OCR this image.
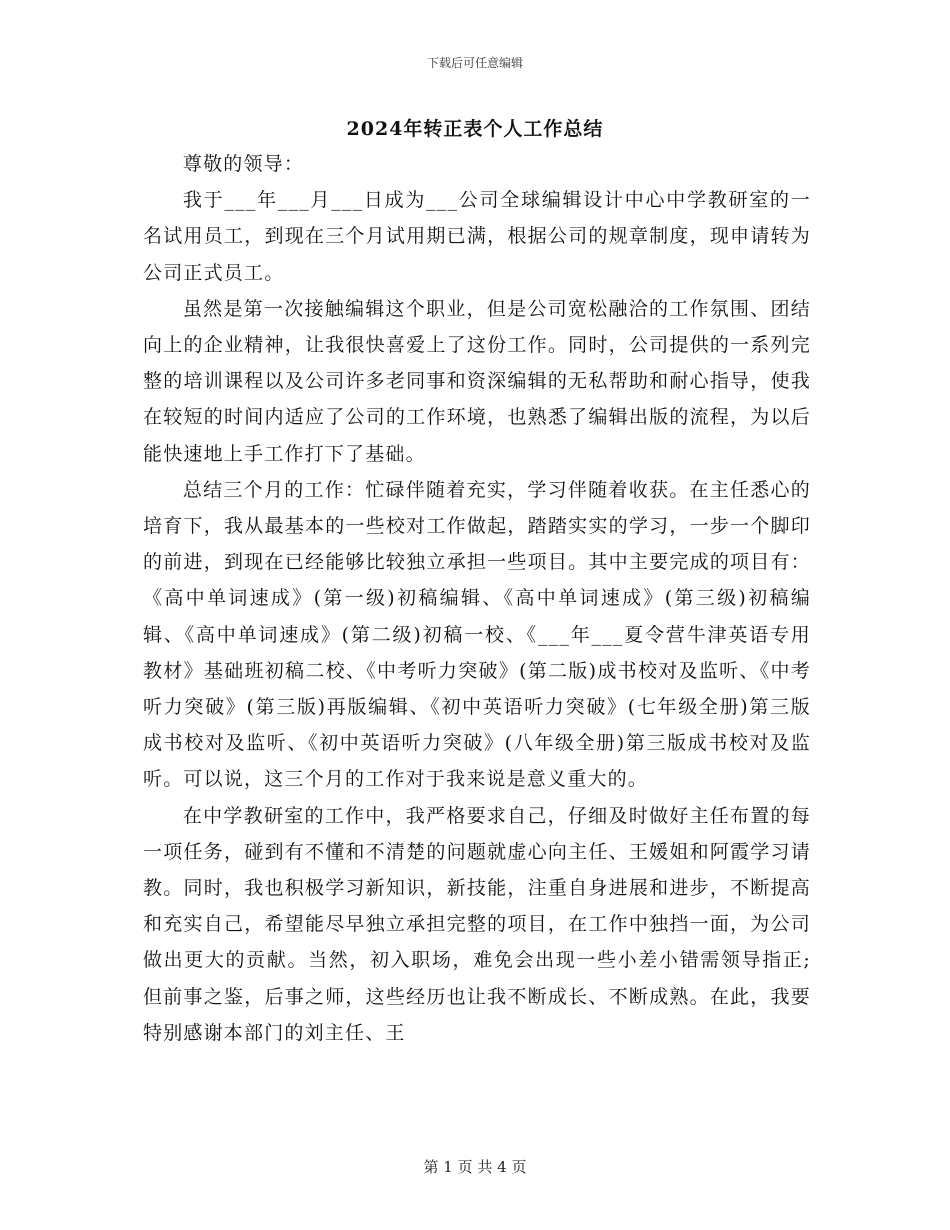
下载后可任意编辑
2024年转正表个人工作总结

尊敬的领导：

我于___年___月___日成为___公司全球编辑设计中心中学教研室的一名试用员工，到现在三个月试用期已满，根据公司的规章制度，现申请转为公司正式员工。

虽然是第一次接触编辑这个职业，但是公司宽松融洽的工作氛围、团结向上的企业精神，让我很快喜爱上了这份工作。同时，公司提供的一系列完整的培训课程以及公司许多老同事和资深编辑的无私帮助和耐心指导，使我在较短的时间内适应了公司的工作环境，也熟悉了编辑出版的流程，为以后能快速地上手工作打下了基础。

总结三个月的工作：忙碌伴随着充实，学习伴随着收获。在主任悉心的培育下，我从最基本的一些校对工作做起，踏踏实实的学习，一步一个脚印的前进，到现在已经能够比较独立承担一些项目。其中主要完成的项目有：《高中单词速成》(第一级)初稿编辑、《高中单词速成》(第三级)初稿编辑、《高中单词速成》(第二级)初稿一校、《___年___夏令营牛津英语专用教材》基础班初稿二校、《中考听力突破》(第二版)成书校对及监听、《中考听力突破》(第三版)再版编辑、《初中英语听力突破》(七年级全册)第三版成书校对及监听、《初中英语听力突破》(八年级全册)第三版成书校对及监听。可以说，这三个月的工作对于我来说是意义重大的。

在中学教研室的工作中，我严格要求自己，仔细及时做好主任布置的每一项任务，碰到有不懂和不清楚的问题就虚心向主任、王媛姐和阿霞学习请教。同时，我也积极学习新知识，新技能，注重自身进展和进步，不断提高和充实自己，希望能尽早独立承担完整的项目，在工作中独挡一面，为公司做出更大的贡献。当然，初入职场，难免会出现一些小差小错需领导指正;但前事之鉴，后事之师，这些经历也让我不断成长、不断成熟。在此，我要特别感谢本部门的刘主任、王

第 1 页 共 4 页
